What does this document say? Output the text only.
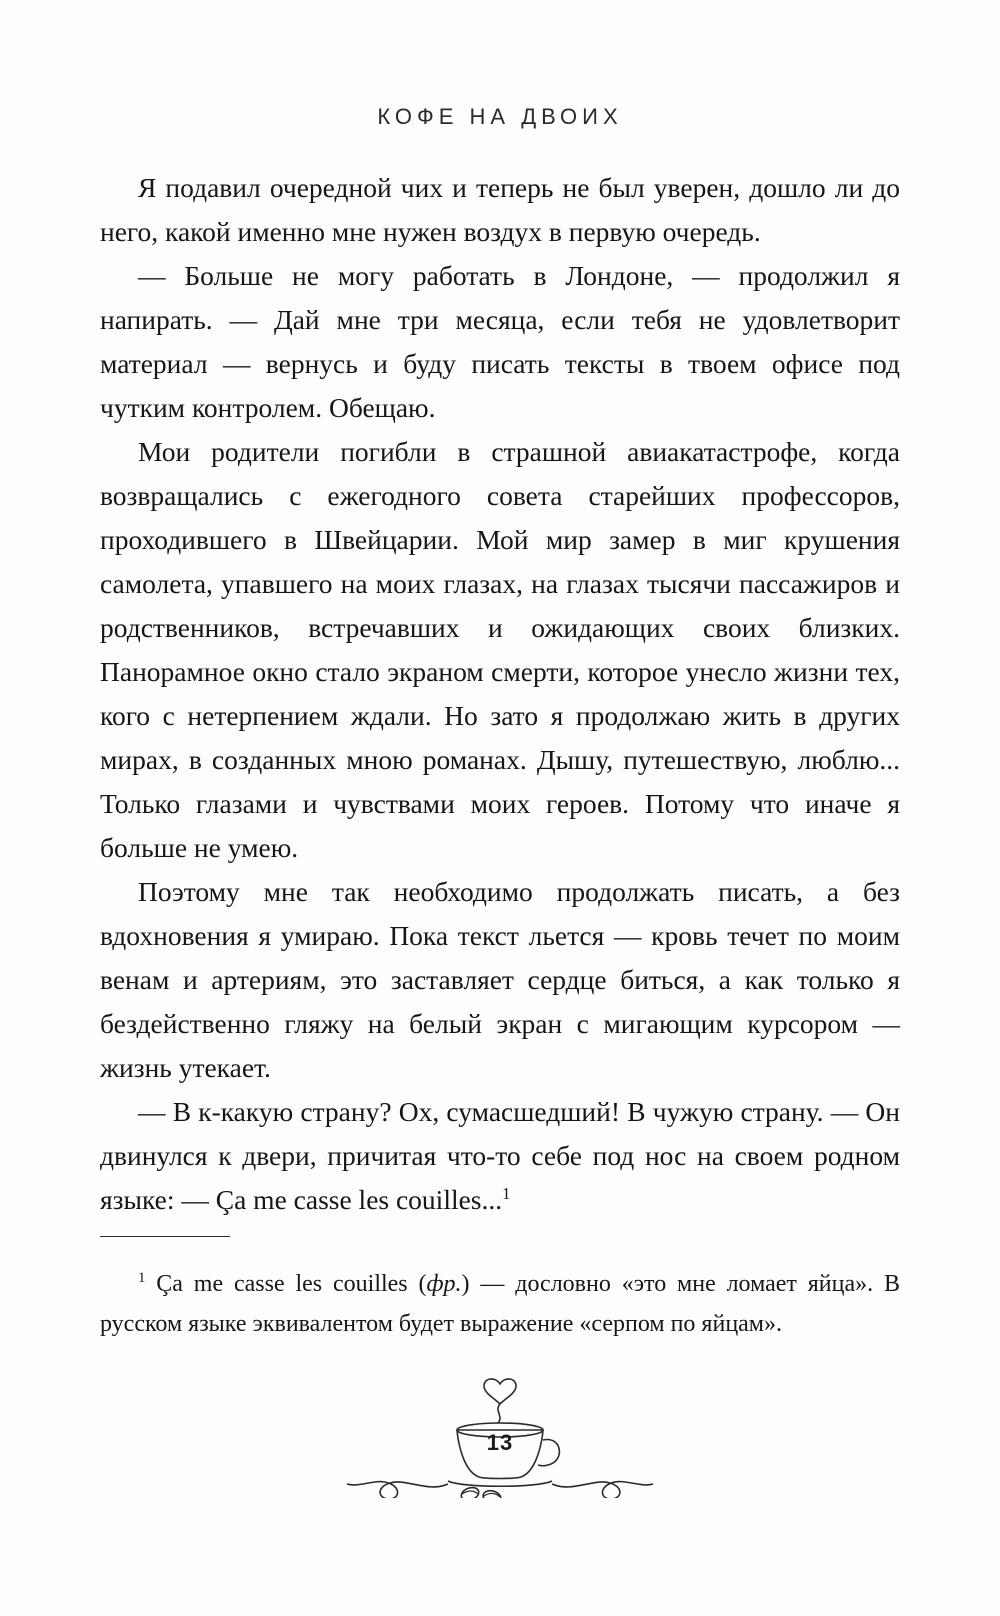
КОФЕ НА ДВОИХ

Я подавил очередной чих и теперь не был уверен, дошло ли до него, какой именно мне нужен воздух в первую очередь.

— Больше не могу работать в Лондоне, — продолжил я напирать. — Дай мне три месяца, если тебя не удовлетворит материал — вернусь и буду писать тексты в твоем офисе под чутким контролем. Обещаю.

Мои родители погибли в страшной авиакатастрофе, когда возвращались с ежегодного совета старейших профессоров, проходившего в Швейцарии. Мой мир замер в миг крушения самолета, упавшего на моих глазах, на глазах тысячи пассажиров и родственников, встречавших и ожидающих своих близких. Панорамное окно стало экраном смерти, которое унесло жизни тех, кого с нетерпением ждали. Но зато я продолжаю жить в других мирах, в созданных мною романах. Дышу, путешествую, люблю... Только глазами и чувствами моих героев. Потому что иначе я больше не умею.

Поэтому мне так необходимо продолжать писать, а без вдохновения я умираю. Пока текст льется — кровь течет по моим венам и артериям, это заставляет сердце биться, а как только я бездейственно гляжу на белый экран с мигающим курсором — жизнь утекает.

— В к-какую страну? Ох, сумасшедший! В чужую страну. — Он двинулся к двери, причитая что-то себе под нос на своем родном языке: — Ça me casse les couilles...$^1$

$^1$ Ça me casse les couilles (фр.) — дословно «это мне ломает яйца». В русском языке эквивалентом будет выражение «серпом по яйцам».

13
